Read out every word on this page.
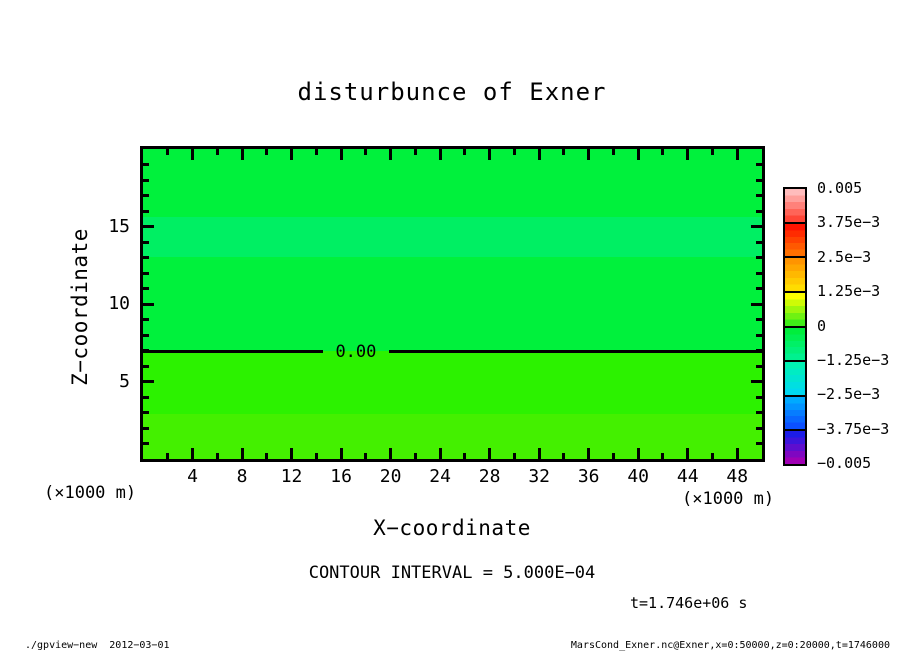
disturbunce of Exner
0.00
4 8 12 16 20 24 28 32 36 40 44 48
5
10
15
X−coordinate
Z−coordinate
(×1000 m)	(×1000 m)
0.005
3.75e−3
2.5e−3
1.25e−3
0
−1.25e−3
−2.5e−3
−3.75e−3
−0.005
CONTOUR INTERVAL = 5.000E−04
t=1.746e+06 s
./gpview−new  2012−03−01	MarsCond_Exner.nc@Exner,x=0:50000,z=0:20000,t=1746000
